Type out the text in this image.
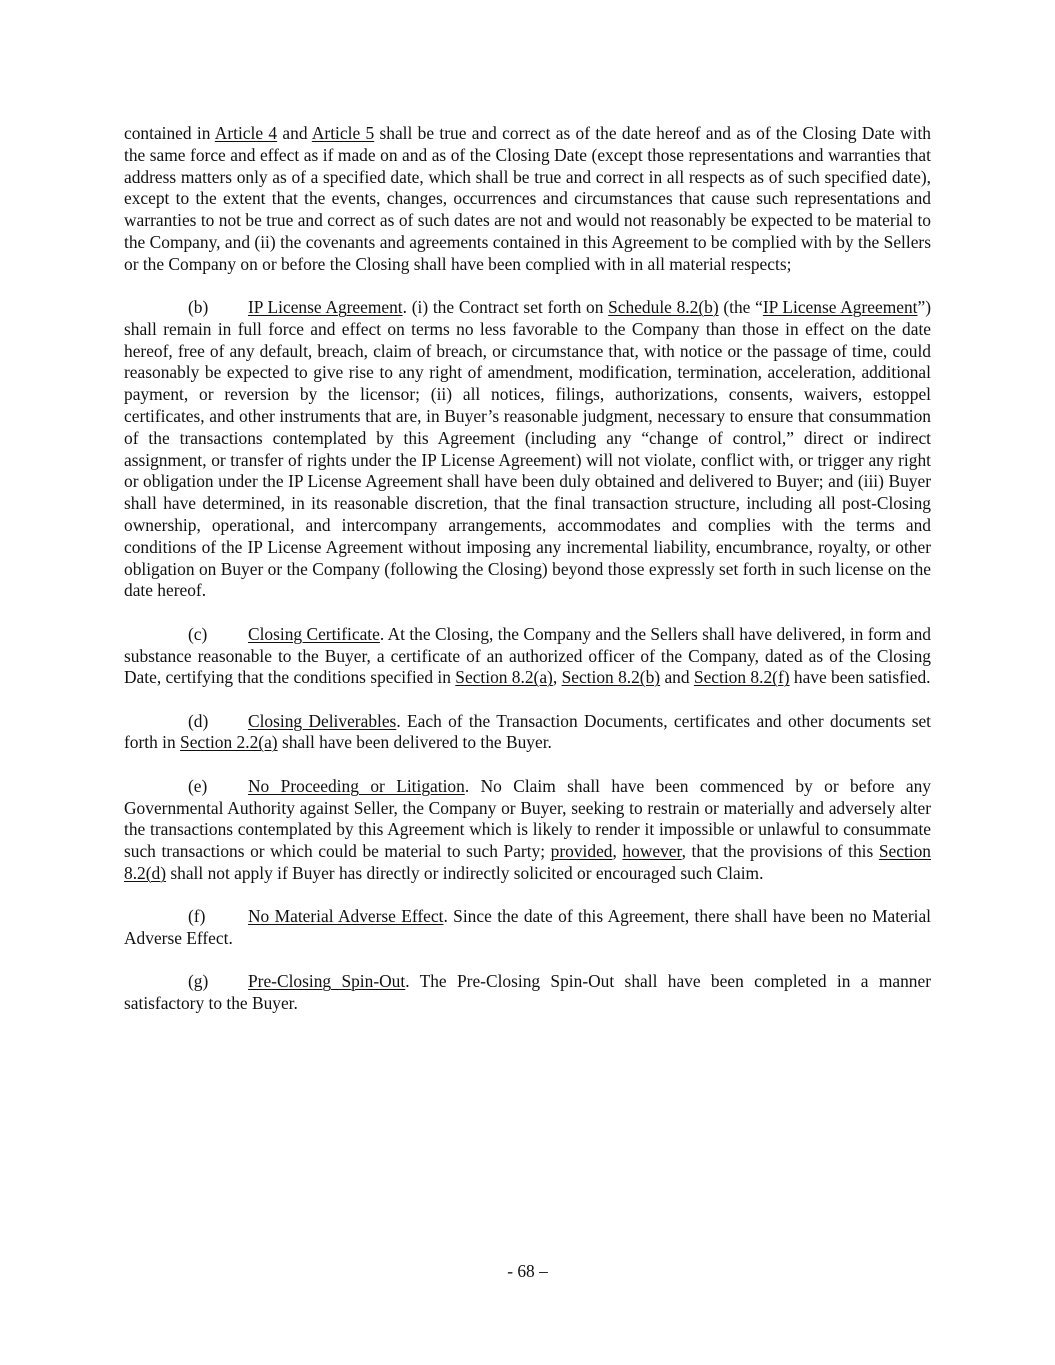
contained in Article 4 and Article 5 shall be true and correct as of the date hereof and as of the Closing Date with the same force and effect as if made on and as of the Closing Date (except those representations and warranties that address matters only as of a specified date, which shall be true and correct in all respects as of such specified date), except to the extent that the events, changes, occurrences and circumstances that cause such representations and warranties to not be true and correct as of such dates are not and would not reasonably be expected to be material to the Company, and (ii) the covenants and agreements contained in this Agreement to be complied with by the Sellers or the Company on or before the Closing shall have been complied with in all material respects;

(b) IP License Agreement. (i) the Contract set forth on Schedule 8.2(b) (the “IP License Agreement”) shall remain in full force and effect on terms no less favorable to the Company than those in effect on the date hereof, free of any default, breach, claim of breach, or circumstance that, with notice or the passage of time, could reasonably be expected to give rise to any right of amendment, modification, termination, acceleration, additional payment, or reversion by the licensor; (ii) all notices, filings, authorizations, consents, waivers, estoppel certificates, and other instruments that are, in Buyer’s reasonable judgment, necessary to ensure that consummation of the transactions contemplated by this Agreement (including any “change of control,” direct or indirect assignment, or transfer of rights under the IP License Agreement) will not violate, conflict with, or trigger any right or obligation under the IP License Agreement shall have been duly obtained and delivered to Buyer; and (iii) Buyer shall have determined, in its reasonable discretion, that the final transaction structure, including all post-Closing ownership, operational, and intercompany arrangements, accommodates and complies with the terms and conditions of the IP License Agreement without imposing any incremental liability, encumbrance, royalty, or other obligation on Buyer or the Company (following the Closing) beyond those expressly set forth in such license on the date hereof.

(c) Closing Certificate. At the Closing, the Company and the Sellers shall have delivered, in form and substance reasonable to the Buyer, a certificate of an authorized officer of the Company, dated as of the Closing Date, certifying that the conditions specified in Section 8.2(a), Section 8.2(b) and Section 8.2(f) have been satisfied.

(d) Closing Deliverables. Each of the Transaction Documents, certificates and other documents set forth in Section 2.2(a) shall have been delivered to the Buyer.

(e) No Proceeding or Litigation. No Claim shall have been commenced by or before any Governmental Authority against Seller, the Company or Buyer, seeking to restrain or materially and adversely alter the transactions contemplated by this Agreement which is likely to render it impossible or unlawful to consummate such transactions or which could be material to such Party; provided, however, that the provisions of this Section 8.2(d) shall not apply if Buyer has directly or indirectly solicited or encouraged such Claim.

(f) No Material Adverse Effect. Since the date of this Agreement, there shall have been no Material Adverse Effect.

(g) Pre-Closing Spin-Out. The Pre-Closing Spin-Out shall have been completed in a manner satisfactory to the Buyer.

- 68 –
